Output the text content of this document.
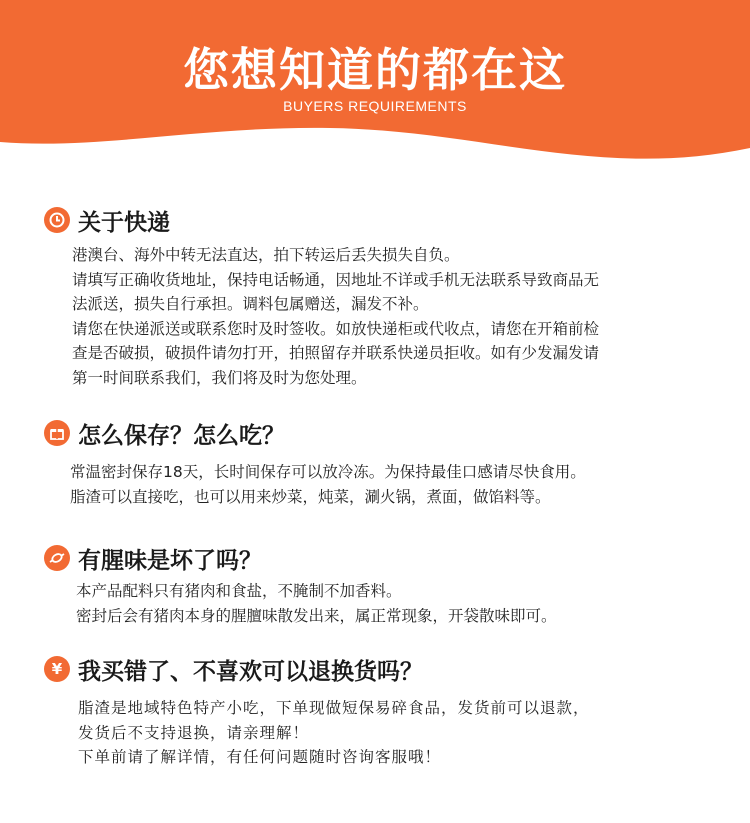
您想知道的都在这
BUYERS REQUIREMENTS
关于快递
港澳台、海外中转无法直达，拍下转运后丢失损失自负。
请填写正确收货地址，保持电话畅通，因地址不详或手机无法联系导致商品无
法派送，损失自行承担。调料包属赠送，漏发不补。
请您在快递派送或联系您时及时签收。如放快递柜或代收点，请您在开箱前检
查是否破损，破损件请勿打开，拍照留存并联系快递员拒收。如有少发漏发请
第一时间联系我们，我们将及时为您处理。
怎么保存？怎么吃？
常温密封保存18天，长时间保存可以放冷冻。为保持最佳口感请尽快食用。
脂渣可以直接吃，也可以用来炒菜，炖菜，涮火锅，煮面，做馅料等。
有腥味是坏了吗？
本产品配料只有猪肉和食盐，不腌制不加香料。
密封后会有猪肉本身的腥膻味散发出来，属正常现象，开袋散味即可。
¥ 我买错了、不喜欢可以退换货吗？
脂渣是地域特色特产小吃，下单现做短保易碎食品，发货前可以退款，
发货后不支持退换，请亲理解！
下单前请了解详情，有任何问题随时咨询客服哦！
